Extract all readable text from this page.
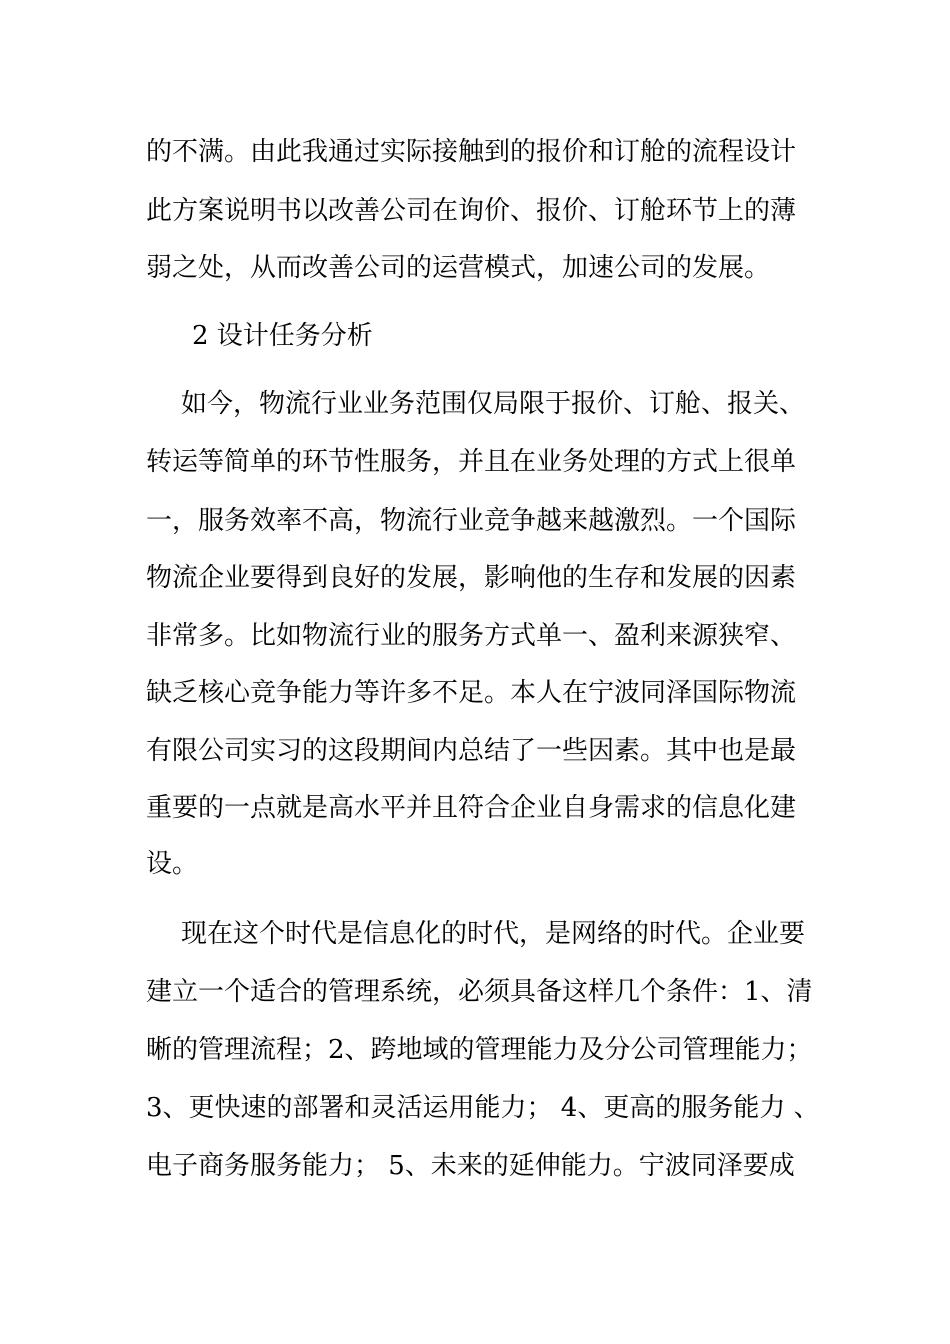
的不满。由此我通过实际接触到的报价和订舱的流程设计
此方案说明书以改善公司在询价、报价、订舱环节上的薄
弱之处，从而改善公司的运营模式，加速公司的发展。
2 设计任务分析
如今，物流行业业务范围仅局限于报价、订舱、报关、
转运等简单的环节性服务，并且在业务处理的方式上很单
一，服务效率不高，物流行业竞争越来越激烈。一个国际
物流企业要得到良好的发展，影响他的生存和发展的因素
非常多。比如物流行业的服务方式单一、盈利来源狭窄、
缺乏核心竞争能力等许多不足。本人在宁波同泽国际物流
有限公司实习的这段期间内总结了一些因素。其中也是最
重要的一点就是高水平并且符合企业自身需求的信息化建
设。
现在这个时代是信息化的时代，是网络的时代。企业要
建立一个适合的管理系统，必须具备这样几个条件：1、清
晰的管理流程；2、跨地域的管理能力及分公司管理能力；
3、更快速的部署和灵活运用能力； 4、更高的服务能力 、
电子商务服务能力； 5、未来的延伸能力。宁波同泽要成
